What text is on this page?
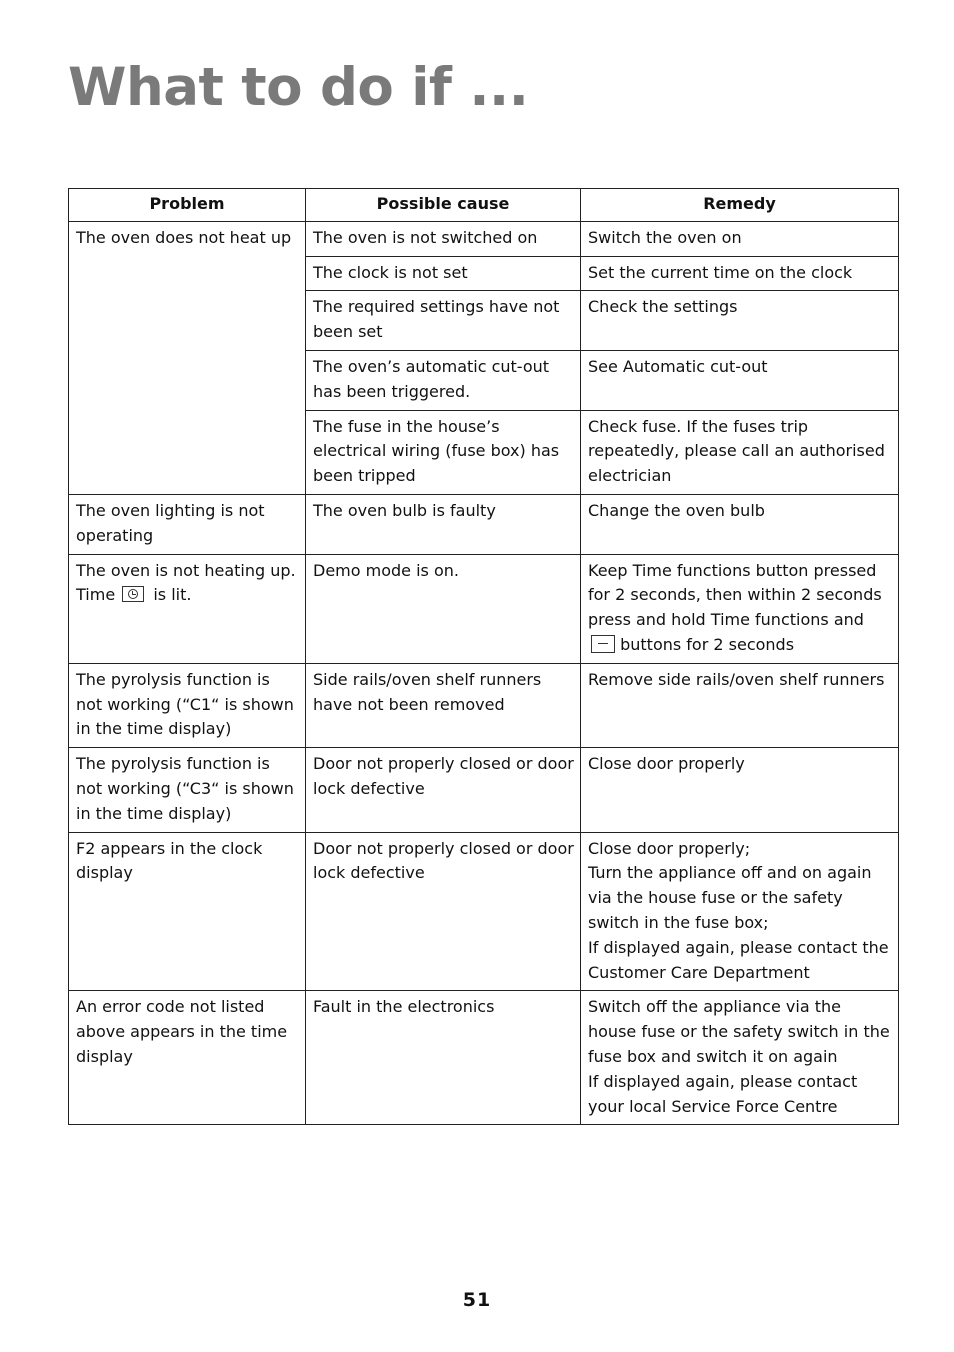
What to do if ...
Problem	Possible cause	Remedy
The oven does not heat up	The oven is not switched on	Switch the oven on
	The clock is not set	Set the current time on the clock
	The required settings have not been set	Check the settings
	The oven’s automatic cut-out has been triggered.	See Automatic cut-out
	The fuse in the house’s electrical wiring (fuse box) has been tripped	Check fuse. If the fuses trip repeatedly, please call an authorised electrician
The oven lighting is not operating	The oven bulb is faulty	Change the oven bulb
The oven is not heating up. Time is lit.	Demo mode is on.	Keep Time functions button pressed for 2 seconds, then within 2 seconds press and hold Time functions and  buttons for 2 seconds
The pyrolysis function is not working (“C1“ is shown in the time display)	Side rails/oven shelf runners have not been removed	Remove side rails/oven shelf runners
The pyrolysis function is not working (“C3“ is shown in the time display)	Door not properly closed or door lock defective	Close door properly
F2 appears in the clock display	Door not properly closed or door lock defective	Close door properly;
Turn the appliance off and on again via the house fuse or the safety switch in the fuse box;
If displayed again, please contact the Customer Care Department

An error code not listed above appears in the time display	Fault in the electronics	Switch off the appliance via the house fuse or the safety switch in the fuse box and switch it on again
If displayed again, please contact your local Service Force Centre
51
